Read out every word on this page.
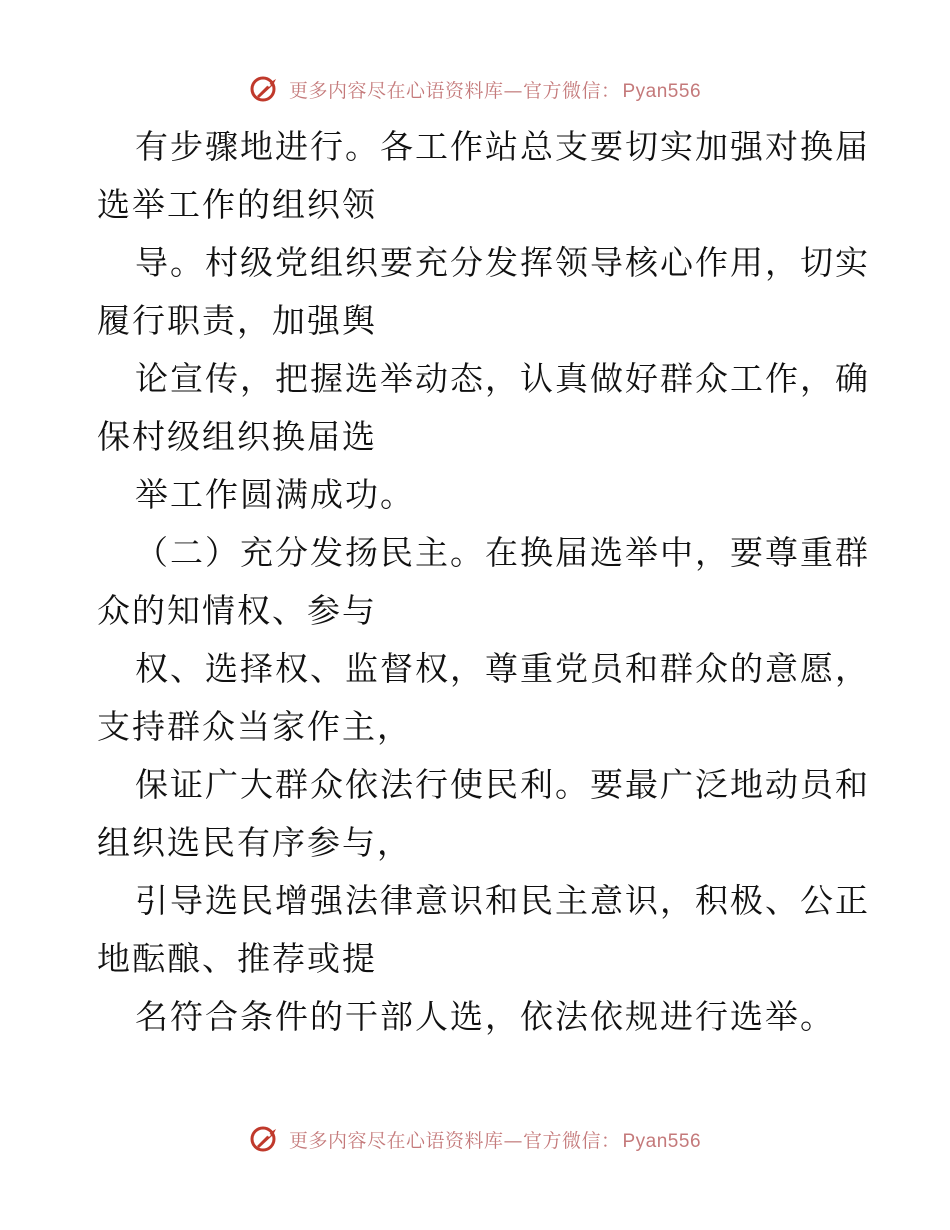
更多内容尽在心语资料库—官方微信： Pyan556
有步骤地进行。各工作站总支要切实加强对换届
选举工作的组织领
导。村级党组织要充分发挥领导核心作用，切实
履行职责，加强舆
论宣传，把握选举动态，认真做好群众工作，确
保村级组织换届选
举工作圆满成功。
（二）充分发扬民主。在换届选举中，要尊重群
众的知情权、参与
权、选择权、监督权，尊重党员和群众的意愿，
支持群众当家作主，
保证广大群众依法行使民利。要最广泛地动员和
组织选民有序参与，
引导选民增强法律意识和民主意识，积极、公正
地酝酿、推荐或提
名符合条件的干部人选，依法依规进行选举。
更多内容尽在心语资料库—官方微信： Pyan556
